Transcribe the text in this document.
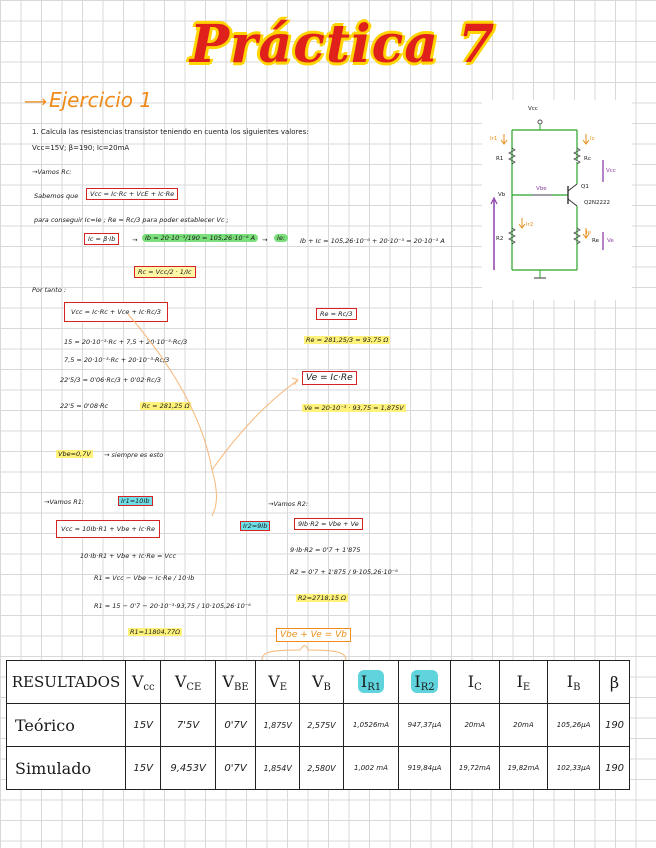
Práctica 7
⟶ Ejercicio 1
1. Calcula las resistencias transistor teniendo en cuenta los siguientes valores:
Vcc=15V; β=190; Ic=20mA
→Vamos Rc:
Sabemos que	Vcc = Ic·Rc + VcE + Ic·Re
para conseguir Ic≈Ie ; Re = Rc/3 para poder establecer Vc ;
Ic = β·Ib	→	Ib = 20·10⁻³/190 = 105,26·10⁻⁶ A	→	Ie:	Ib + Ic = 105,26·10⁻⁶ + 20·10⁻³ = 20·10⁻³ A
Rc = Vcc/2 · 1/Ic
Por tanto :
Vcc = Ic·Rc + Vce + Ic·Rc/3
15 = 20·10⁻³·Rc + 7,5 + 20·10⁻³·Rc/3
7,5 = 20·10⁻³·Rc + 20·10⁻³·Rc/3
22'5/3 = 0'06·Rc/3 + 0'02·Rc/3
22'5 = 0'08·Rc	Rc = 281,25 Ω
Re = Rc/3
Re = 281,25/3 = 93,75 Ω
Ve = Ic·Re
Ve = 20·10⁻³ · 93,75 = 1,875V
Vbe=0,7V	→ siempre es esto
→Vamos R1:	Ir1=10Ib
Vcc = 10Ib·R1 + Vbe + Ic·Re
10·Ib·R1 + Vbe + Ic·Re = Vcc
R1 = Vcc − Vbe − Ic·Re / 10·Ib
R1 = 15 − 0'7 − 20·10⁻³·93,75 / 10·105,26·10⁻⁶
R1=11804,77Ω
→Vamos R2:
Ir2=9Ib	9Ib·R2 = Vbe + Ve
9·Ib·R2 = 0'7 + 1'875
R2 = 0'7 + 1'875 / 9·105,26·10⁻⁶
R2=2718,15 Ω
Vbe + Ve = Vb
Vcc
Ir1	Ic
R1	Rc
Vcc
Vb
Vbe	Q1
Q2N2222
Ir2
Ie
R2	Re Ve
RESULTADOS	$V_{cc}$	$V_{CE}$	$V_{BE}$	$V_E$	$V_B$	$I_{R1}$	$I_{R2}$	$I_C$	$I_E$	$I_B$	β
Teórico	15V	7'5V	0'7V	1,875V	2,575V	1,0526mA	947,37µA	20mA	20mA	105,26µA	190
Simulado	15V	9,453V	0'7V	1,854V	2,580V	1,002 mA	919,84µA	19,72mA	19,82mA	102,33µA	190
